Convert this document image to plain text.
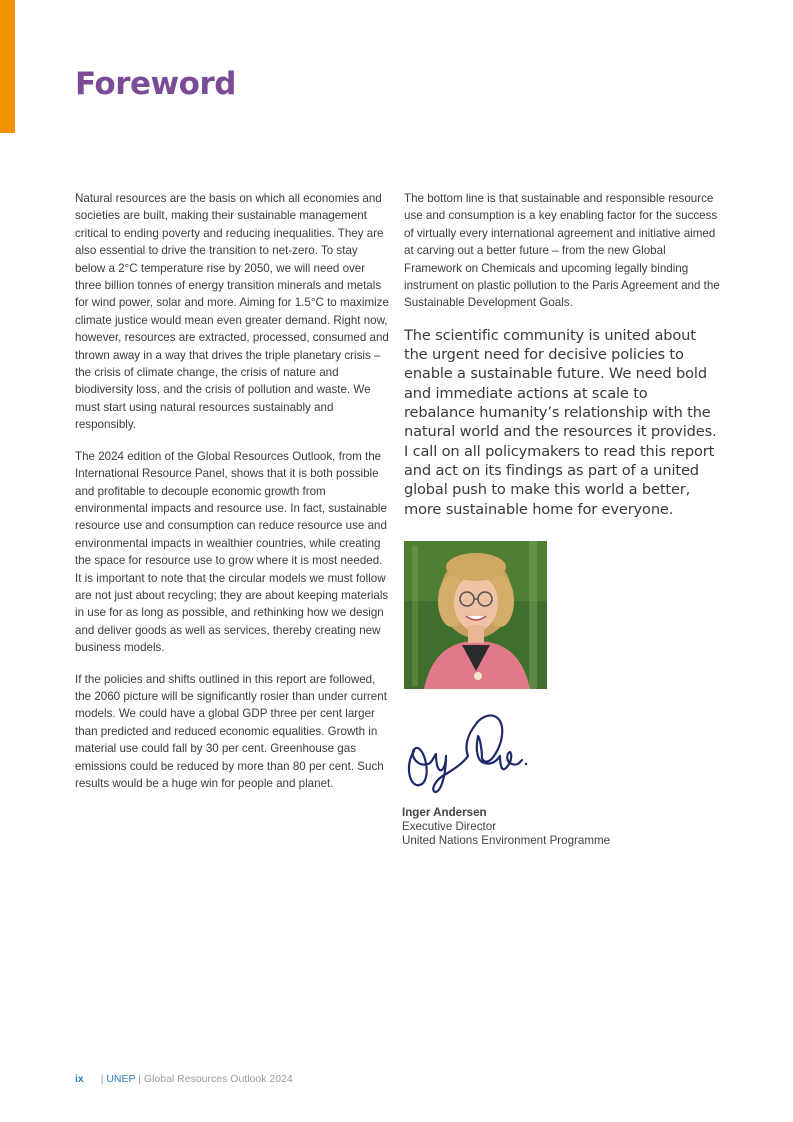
Foreword

Natural resources are the basis on which all economies and societies are built, making their sustainable management critical to ending poverty and reducing inequalities. They are also essential to drive the transition to net-zero. To stay below a 2°C temperature rise by 2050, we will need over three billion tonnes of energy transition minerals and metals for wind power, solar and more. Aiming for 1.5°C to maximize climate justice would mean even greater demand. Right now, however, resources are extracted, processed, consumed and thrown away in a way that drives the triple planetary crisis – the crisis of climate change, the crisis of nature and biodiversity loss, and the crisis of pollution and waste. We must start using natural resources sustainably and responsibly.

The 2024 edition of the Global Resources Outlook, from the International Resource Panel, shows that it is both possible and profitable to decouple economic growth from environmental impacts and resource use. In fact, sustainable resource use and consumption can reduce resource use and environmental impacts in wealthier countries, while creating the space for resource use to grow where it is most needed. It is important to note that the circular models we must follow are not just about recycling; they are about keeping materials in use for as long as possible, and rethinking how we design and deliver goods as well as services, thereby creating new business models.

If the policies and shifts outlined in this report are followed, the 2060 picture will be significantly rosier than under current models. We could have a global GDP three per cent larger than predicted and reduced economic equalities. Growth in material use could fall by 30 per cent. Greenhouse gas emissions could be reduced by more than 80 per cent. Such results would be a huge win for people and planet.

The bottom line is that sustainable and responsible resource use and consumption is a key enabling factor for the success of virtually every international agreement and initiative aimed at carving out a better future – from the new Global Framework on Chemicals and upcoming legally binding instrument on plastic pollution to the Paris Agreement and the Sustainable Development Goals.

The scientific community is united about the urgent need for decisive policies to enable a sustainable future. We need bold and immediate actions at scale to rebalance humanity’s relationship with the natural world and the resources it provides. I call on all policymakers to read this report and act on its findings as part of a united global push to make this world a better, more sustainable home for everyone.

Inger Andersen
Executive Director
United Nations Environment Programme
ix | UNEP | Global Resources Outlook 2024
